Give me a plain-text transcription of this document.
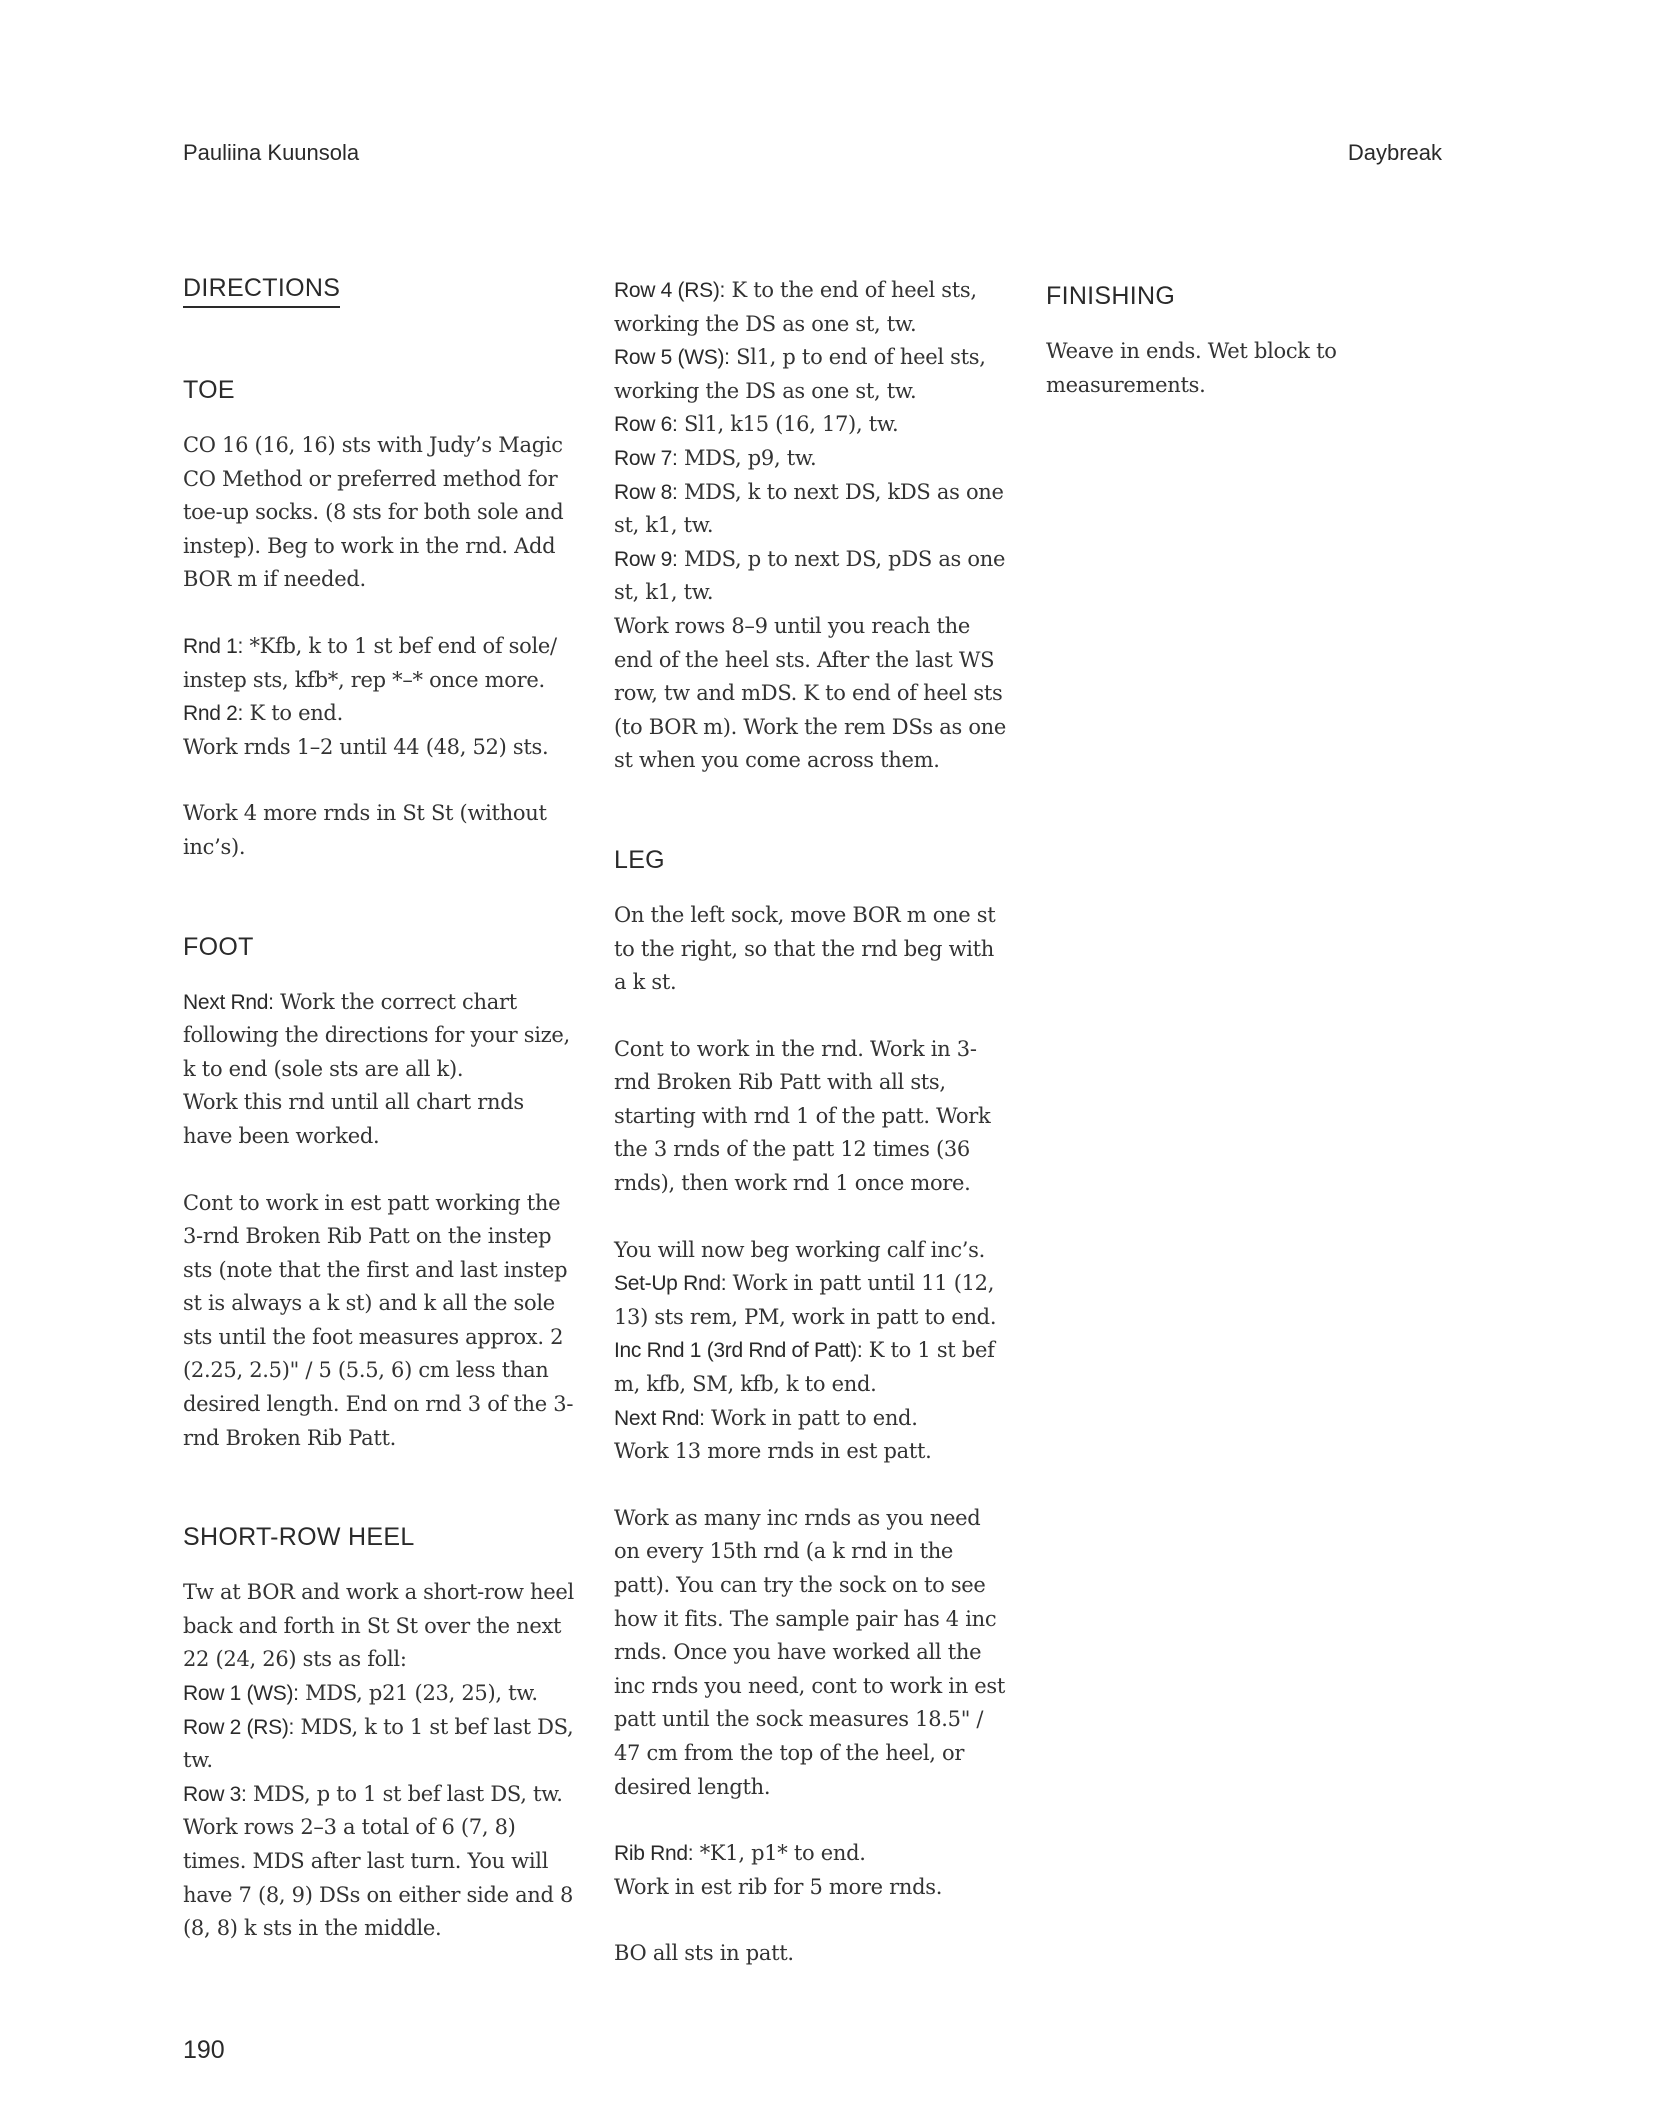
Pauliina Kuunsola	Daybreak
DIRECTIONS
TOE

CO 16 (16, 16) sts with Judy’s Magic CO Method or preferred method for toe-up socks. (8 sts for both sole and instep). Beg to work in the rnd. Add BOR m if needed.

Rnd 1: *Kfb, k to 1 st bef end of sole/ instep sts, kfb*, rep *–* once more.

Rnd 2: K to end.

Work rnds 1–2 until 44 (48, 52) sts.

Work 4 more rnds in St St (without inc’s).

FOOT

Next Rnd: Work the correct chart following the directions for your size, k to end (sole sts are all k).

Work this rnd until all chart rnds have been worked.

Cont to work in est patt working the 3-rnd Broken Rib Patt on the instep sts (note that the first and last instep st is always a k st) and k all the sole sts until the foot measures approx. 2 (2.25, 2.5)" / 5 (5.5, 6) cm less than desired length. End on rnd 3 of the 3-rnd Broken Rib Patt.

SHORT-ROW HEEL

Tw at BOR and work a short-row heel back and forth in St St over the next 22 (24, 26) sts as foll:

Row 1 (WS): MDS, p21 (23, 25), tw.

Row 2 (RS): MDS, k to 1 st bef last DS, tw.

Row 3: MDS, p to 1 st bef last DS, tw.

Work rows 2–3 a total of 6 (7, 8) times. MDS after last turn. You will have 7 (8, 9) DSs on either side and 8 (8, 8) k sts in the middle.

Row 4 (RS): K to the end of heel sts, working the DS as one st, tw.

Row 5 (WS): Sl1, p to end of heel sts, working the DS as one st, tw.

Row 6: Sl1, k15 (16, 17), tw.

Row 7: MDS, p9, tw.

Row 8: MDS, k to next DS, kDS as one st, k1, tw.

Row 9: MDS, p to next DS, pDS as one st, k1, tw.

Work rows 8–9 until you reach the end of the heel sts. After the last WS row, tw and mDS. K to end of heel sts (to BOR m). Work the rem DSs as one st when you come across them.

LEG

On the left sock, move BOR m one st to the right, so that the rnd beg with a k st.

Cont to work in the rnd. Work in 3-rnd Broken Rib Patt with all sts, starting with rnd 1 of the patt. Work the 3 rnds of the patt 12 times (36 rnds), then work rnd 1 once more.

You will now beg working calf inc’s.

Set-Up Rnd: Work in patt until 11 (12, 13) sts rem, PM, work in patt to end.

Inc Rnd 1 (3rd Rnd of Patt): K to 1 st bef m, kfb, SM, kfb, k to end.

Next Rnd: Work in patt to end.

Work 13 more rnds in est patt.

Work as many inc rnds as you need on every 15th rnd (a k rnd in the patt). You can try the sock on to see how it fits. The sample pair has 4 inc rnds. Once you have worked all the inc rnds you need, cont to work in est patt until the sock measures 18.5" / 47 cm from the top of the heel, or desired length.

Rib Rnd: *K1, p1* to end.

Work in est rib for 5 more rnds.

BO all sts in patt.

FINISHING

Weave in ends. Wet block to measurements.

190
